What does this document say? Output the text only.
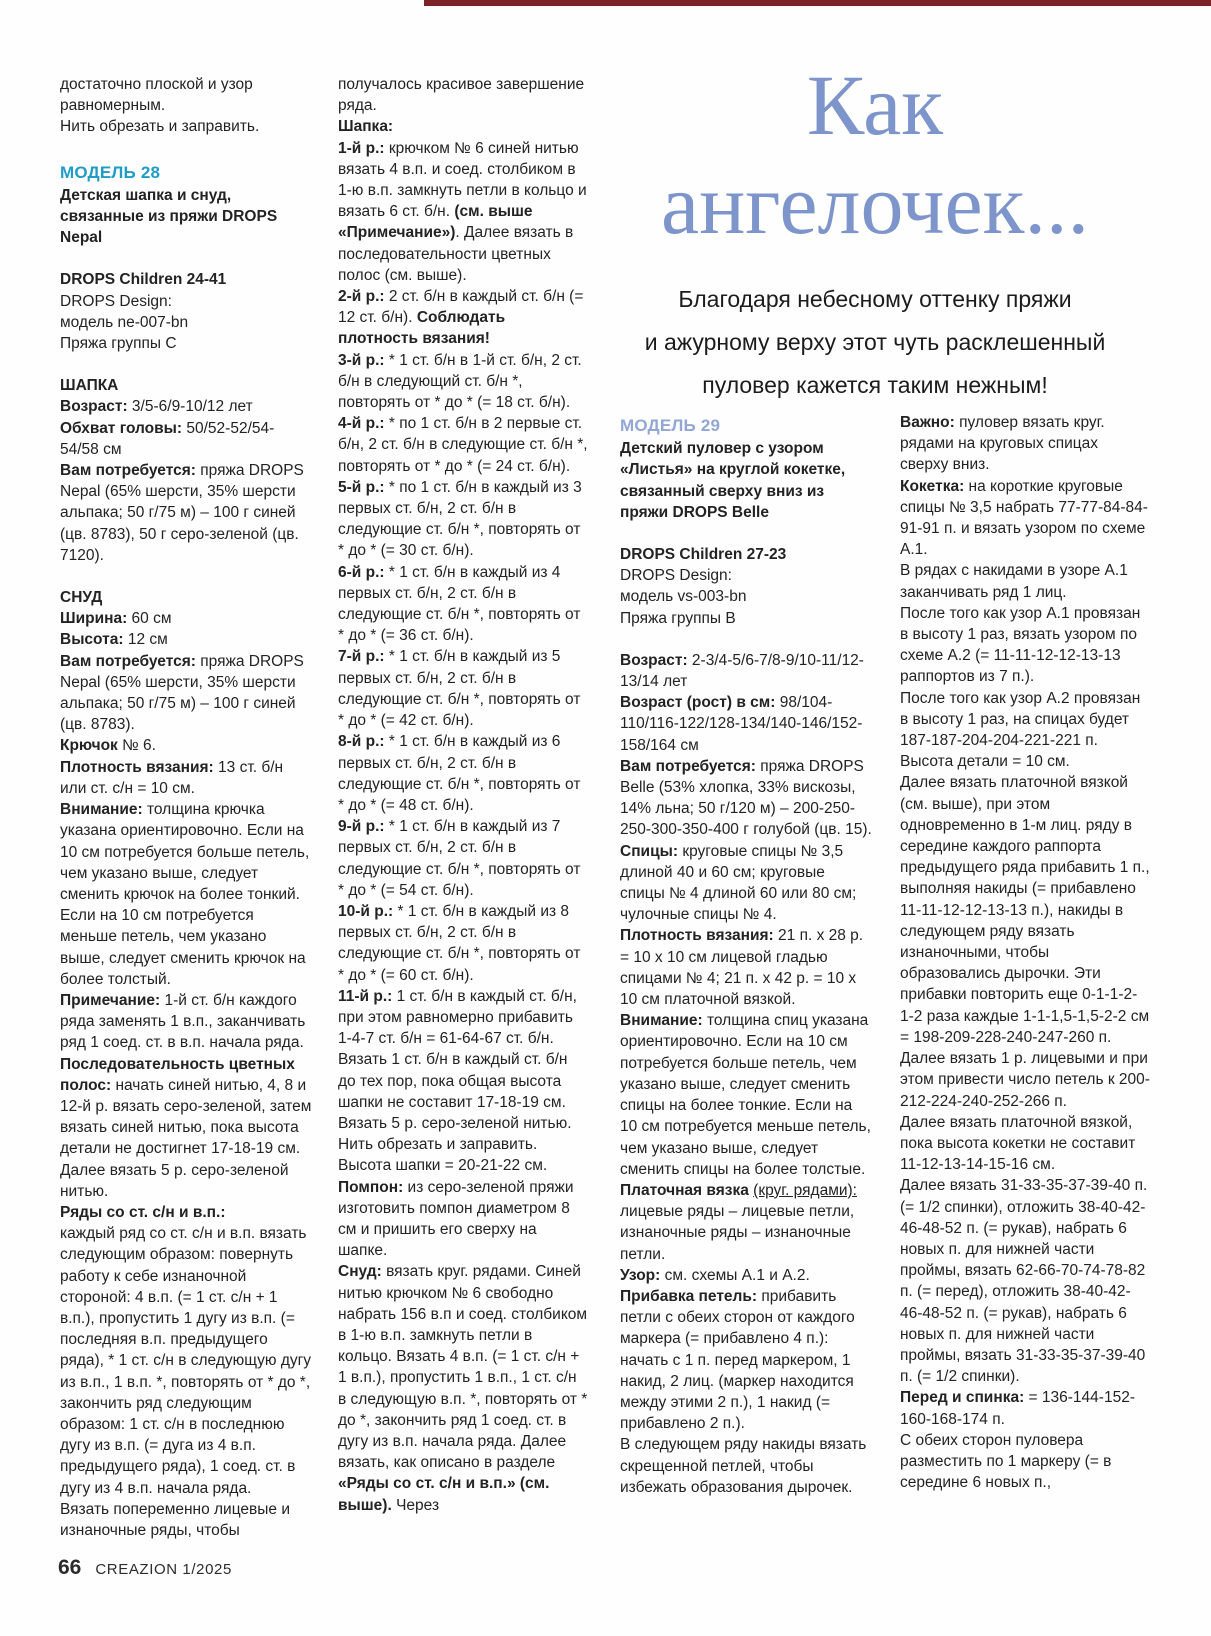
Как
ангелочек...
Благодаря небесному оттенку пряжи
и ажурному верху этот чуть расклешенный
пуловер кажется таким нежным!

достаточно плоской и узор равномерным.

Нить обрезать и заправить.

МОДЕЛЬ 28

Детская шапка и снуд, связанные из пряжи DROPS Nepal

DROPS Children 24-41

DROPS Design:

модель ne-007-bn

Пряжа группы C

ШАПКА

Возраст: 3/5-6/9-10/12 лет

Обхват головы: 50/52-52/54-54/58 см

Вам потребуется: пряжа DROPS Nepal (65% шерсти, 35% шерсти альпака; 50 г/75 м) – 100 г синей (цв. 8783), 50 г серо-зеленой (цв. 7120).

СНУД

Ширина: 60 см

Высота: 12 см

Вам потребуется: пряжа DROPS Nepal (65% шерсти, 35% шерсти альпака; 50 г/75 м) – 100 г синей (цв. 8783).

Крючок № 6.

Плотность вязания: 13 ст. б/н или ст. с/н = 10 см.

Внимание: толщина крючка указана ориентировочно. Если на 10 см потребуется больше петель, чем указано выше, следует сменить крючок на более тонкий. Если на 10 см потребуется меньше петель, чем указано выше, следует сменить крючок на более толстый.

Примечание: 1-й ст. б/н каждого ряда заменять 1 в.п., заканчивать ряд 1 соед. ст. в в.п. начала ряда.

Последовательность цветных полос: начать синей нитью, 4, 8 и 12-й р. вязать серо-зеленой, затем вязать синей нитью, пока высота детали не достигнет 17-18-19 см.

Далее вязать 5 р. серо-зеленой нитью.

Ряды со ст. с/н и в.п.:

каждый ряд со ст. с/н и в.п. вязать следующим образом: повернуть работу к себе изнаночной стороной: 4 в.п. (= 1 ст. с/н + 1 в.п.), пропустить 1 дугу из в.п. (= последняя в.п. предыдущего ряда), * 1 ст. с/н в следующую дугу из в.п., 1 в.п. *, повторять от * до *, закончить ряд следующим образом: 1 ст. с/н в последнюю дугу из в.п. (= дуга из 4 в.п. предыдущего ряда), 1 соед. ст. в дугу из 4 в.п. начала ряда.

Вязать попеременно лицевые и изнаночные ряды, чтобы

получалось красивое завершение ряда.

Шапка:

1-й р.: крючком № 6 синей нитью вязать 4 в.п. и соед. столбиком в 1-ю в.п. замкнуть петли в кольцо и вязать 6 ст. б/н. (см. выше «Примечание»). Далее вязать в последовательности цветных полос (см. выше).

2-й р.: 2 ст. б/н в каждый ст. б/н (= 12 ст. б/н). Соблюдать плотность вязания!

3-й р.: * 1 ст. б/н в 1-й ст. б/н, 2 ст. б/н в следующий ст. б/н *, повторять от * до * (= 18 ст. б/н).

4-й р.: * по 1 ст. б/н в 2 первые ст. б/н, 2 ст. б/н в следующие ст. б/н *, повторять от * до * (= 24 ст. б/н).

5-й р.: * по 1 ст. б/н в каждый из 3 первых ст. б/н, 2 ст. б/н в следующие ст. б/н *, повторять от * до * (= 30 ст. б/н).

6-й р.: * 1 ст. б/н в каждый из 4 первых ст. б/н, 2 ст. б/н в следующие ст. б/н *, повторять от * до * (= 36 ст. б/н).

7-й р.: * 1 ст. б/н в каждый из 5 первых ст. б/н, 2 ст. б/н в следующие ст. б/н *, повторять от * до * (= 42 ст. б/н).

8-й р.: * 1 ст. б/н в каждый из 6 первых ст. б/н, 2 ст. б/н в следующие ст. б/н *, повторять от * до * (= 48 ст. б/н).

9-й р.: * 1 ст. б/н в каждый из 7 первых ст. б/н, 2 ст. б/н в следующие ст. б/н *, повторять от * до * (= 54 ст. б/н).

10-й р.: * 1 ст. б/н в каждый из 8 первых ст. б/н, 2 ст. б/н в следующие ст. б/н *, повторять от * до * (= 60 ст. б/н).

11-й р.: 1 ст. б/н в каждый ст. б/н, при этом равномерно прибавить 1-4-7 ст. б/н = 61-64-67 ст. б/н.

Вязать 1 ст. б/н в каждый ст. б/н до тех пор, пока общая высота шапки не составит 17-18-19 см. Вязать 5 р. серо-зеленой нитью. Нить обрезать и заправить. Высота шапки = 20-21-22 см.

Помпон: из серо-зеленой пряжи изготовить помпон диаметром 8 см и пришить его сверху на шапке.

Снуд: вязать круг. рядами. Синей нитью крючком № 6 свободно набрать 156 в.п и соед. столбиком в 1-ю в.п. замкнуть петли в кольцо. Вязать 4 в.п. (= 1 ст. с/н + 1 в.п.), пропустить 1 в.п., 1 ст. с/н в следующую в.п. *, повторять от * до *, закончить ряд 1 соед. ст. в дугу из в.п. начала ряда. Далее вязать, как описано в разделе «Ряды со ст. с/н и в.п.» (см. выше). Через

МОДЕЛЬ 29

Детский пуловер с узором «Листья» на круглой кокетке, связанный сверху вниз из пряжи DROPS Belle

DROPS Children 27-23

DROPS Design:

модель vs-003-bn

Пряжа группы B

Возраст: 2-3/4-5/6-7/8-9/10-11/12-13/14 лет

Возраст (рост) в см: 98/104-110/116-122/128-134/140-146/152-158/164 см

Вам потребуется: пряжа DROPS Belle (53% хлопка, 33% вискозы, 14% льна; 50 г/120 м) – 200-250-250-300-350-400 г голубой (цв. 15).

Спицы: круговые спицы № 3,5 длиной 40 и 60 см; круговые спицы № 4 длиной 60 или 80 см; чулочные спицы № 4.

Плотность вязания: 21 п. х 28 р. = 10 х 10 см лицевой гладью спицами № 4; 21 п. х 42 р. = 10 х 10 см платочной вязкой.

Внимание: толщина спиц указана ориентировочно. Если на 10 см потребуется больше петель, чем указано выше, следует сменить спицы на более тонкие. Если на 10 см потребуется меньше петель, чем указано выше, следует сменить спицы на более толстые.

Платочная вязка (круг. рядами): лицевые ряды – лицевые петли, изнаночные ряды – изнаночные петли.

Узор: см. схемы А.1 и А.2.

Прибавка петель: прибавить петли с обеих сторон от каждого маркера (= прибавлено 4 п.): начать с 1 п. перед маркером, 1 накид, 2 лиц. (маркер находится между этими 2 п.), 1 накид (= прибавлено 2 п.).

В следующем ряду накиды вязать скрещенной петлей, чтобы избежать образования дырочек.

Важно: пуловер вязать круг. рядами на круговых спицах сверху вниз.

Кокетка: на короткие круговые спицы № 3,5 набрать 77-77-84-84-91-91 п. и вязать узором по схеме А.1.

В рядах с накидами в узоре А.1 заканчивать ряд 1 лиц.

После того как узор А.1 провязан в высоту 1 раз, вязать узором по схеме А.2 (= 11-11-12-12-13-13 раппортов из 7 п.).

После того как узор А.2 провязан в высоту 1 раз, на спицах будет 187-187-204-204-221-221 п. Высота детали = 10 см.

Далее вязать платочной вязкой (см. выше), при этом одновременно в 1-м лиц. ряду в середине каждого раппорта предыдущего ряда прибавить 1 п., выполняя накиды (= прибавлено 11-11-12-12-13-13 п.), накиды в следующем ряду вязать изнаночными, чтобы образовались дырочки. Эти прибавки повторить еще 0-1-1-2-1-2 раза каждые 1-1-1,5-1,5-2-2 см = 198-209-228-240-247-260 п.

Далее вязать 1 р. лицевыми и при этом привести число петель к 200-212-224-240-252-266 п.

Далее вязать платочной вязкой, пока высота кокетки не составит 11-12-13-14-15-16 см.

Далее вязать 31-33-35-37-39-40 п. (= 1/2 спинки), отложить 38-40-42-46-48-52 п. (= рукав), набрать 6 новых п. для нижней части проймы, вязать 62-66-70-74-78-82 п. (= перед), отложить 38-40-42-46-48-52 п. (= рукав), набрать 6 новых п. для нижней части проймы, вязать 31-33-35-37-39-40 п. (= 1/2 спинки).

Перед и спинка: = 136-144-152-160-168-174 п.

С обеих сторон пуловера разместить по 1 маркеру (= в середине 6 новых п.,

66 CREAZION 1/2025
